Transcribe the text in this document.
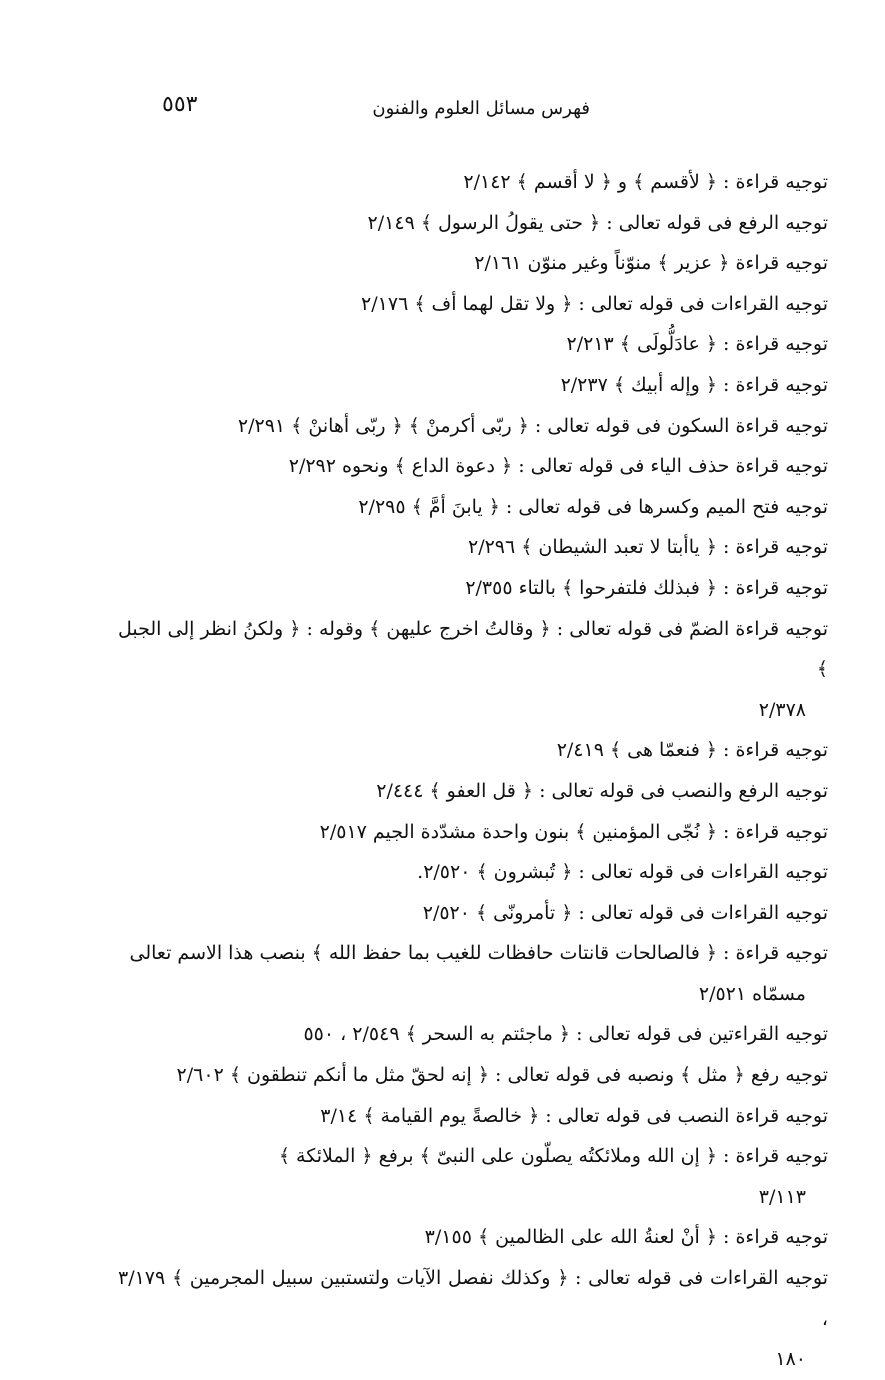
٥٥٣	فهرس مسائل العلوم والفنون
توجيه قراءة : ﴿ لأقسم ﴾ و ﴿ لا أقسم ﴾ ٢/١٤٢
توجيه الرفع فى قوله تعالى : ﴿ حتى يقولُ الرسول ﴾ ٢/١٤٩
توجيه قراءة ﴿ عزير ﴾ منوّناً وغير منوّن ٢/١٦١
توجيه القراءات فى قوله تعالى : ﴿ ولا تقل لهما أف ﴾ ٢/١٧٦
توجيه قراءة : ﴿ عادَلُّولَى ﴾ ٢/٢١٣
توجيه قراءة : ﴿ وإله أبيك ﴾ ٢/٢٣٧
توجيه قراءة السكون فى قوله تعالى : ﴿ ربّى أكرمنْ ﴾ ﴿ ربّى أهاننْ ﴾ ٢/٢٩١
توجيه قراءة حذف الياء فى قوله تعالى : ﴿ دعوة الداع ﴾ ونحوه ٢/٢٩٢
توجيه فتح الميم وكسرها فى قوله تعالى : ﴿ يابنَ أمَّ ﴾ ٢/٢٩٥
توجيه قراءة : ﴿ ياأبتا لا تعبد الشيطان ﴾ ٢/٢٩٦
توجيه قراءة : ﴿ فبذلك فلتفرحوا ﴾ بالتاء ٢/٣٥٥
توجيه قراءة الضمّ فى قوله تعالى : ﴿ وقالتُ اخرج عليهن ﴾ وقوله : ﴿ ولكنُ انظر إلى الجبل ﴾
٢/٣٧٨
توجيه قراءة : ﴿ فنعمّا هى ﴾ ٢/٤١٩
توجيه الرفع والنصب فى قوله تعالى : ﴿ قل العفو ﴾ ٢/٤٤٤
توجيه قراءة : ﴿ نُجّى المؤمنين ﴾ بنون واحدة مشدّدة الجيم ٢/٥١٧
توجيه القراءات فى قوله تعالى : ﴿ تُبشرون ﴾ ٢/٥٢٠.
توجيه القراءات فى قوله تعالى : ﴿ تأمرونّى ﴾ ٢/٥٢٠
توجيه قراءة : ﴿ فالصالحات قانتات حافظات للغيب بما حفظ الله ﴾ بنصب هذا الاسم تعالى
مسمّاه ٢/٥٢١
توجيه القراءتين فى قوله تعالى : ﴿ ماجئتم به السحر ﴾ ٢/٥٤٩ ، ٥٥٠
توجيه رفع ﴿ مثل ﴾ ونصبه فى قوله تعالى : ﴿ إنه لحقّ مثل ما أنكم تنطقون ﴾ ٢/٦٠٢
توجيه قراءة النصب فى قوله تعالى : ﴿ خالصةً يوم القيامة ﴾ ٣/١٤
توجيه قراءة : ﴿ إن الله وملائكتُه يصلّون على النبىّ ﴾ برفع ﴿ الملائكة ﴾
٣/١١٣
توجيه قراءة : ﴿ أنْ لعنةُ الله على الظالمين ﴾ ٣/١٥٥
توجيه القراءات فى قوله تعالى : ﴿ وكذلك نفصل الآيات ولتستبين سبيل المجرمين ﴾ ٣/١٧٩ ،
١٨٠
